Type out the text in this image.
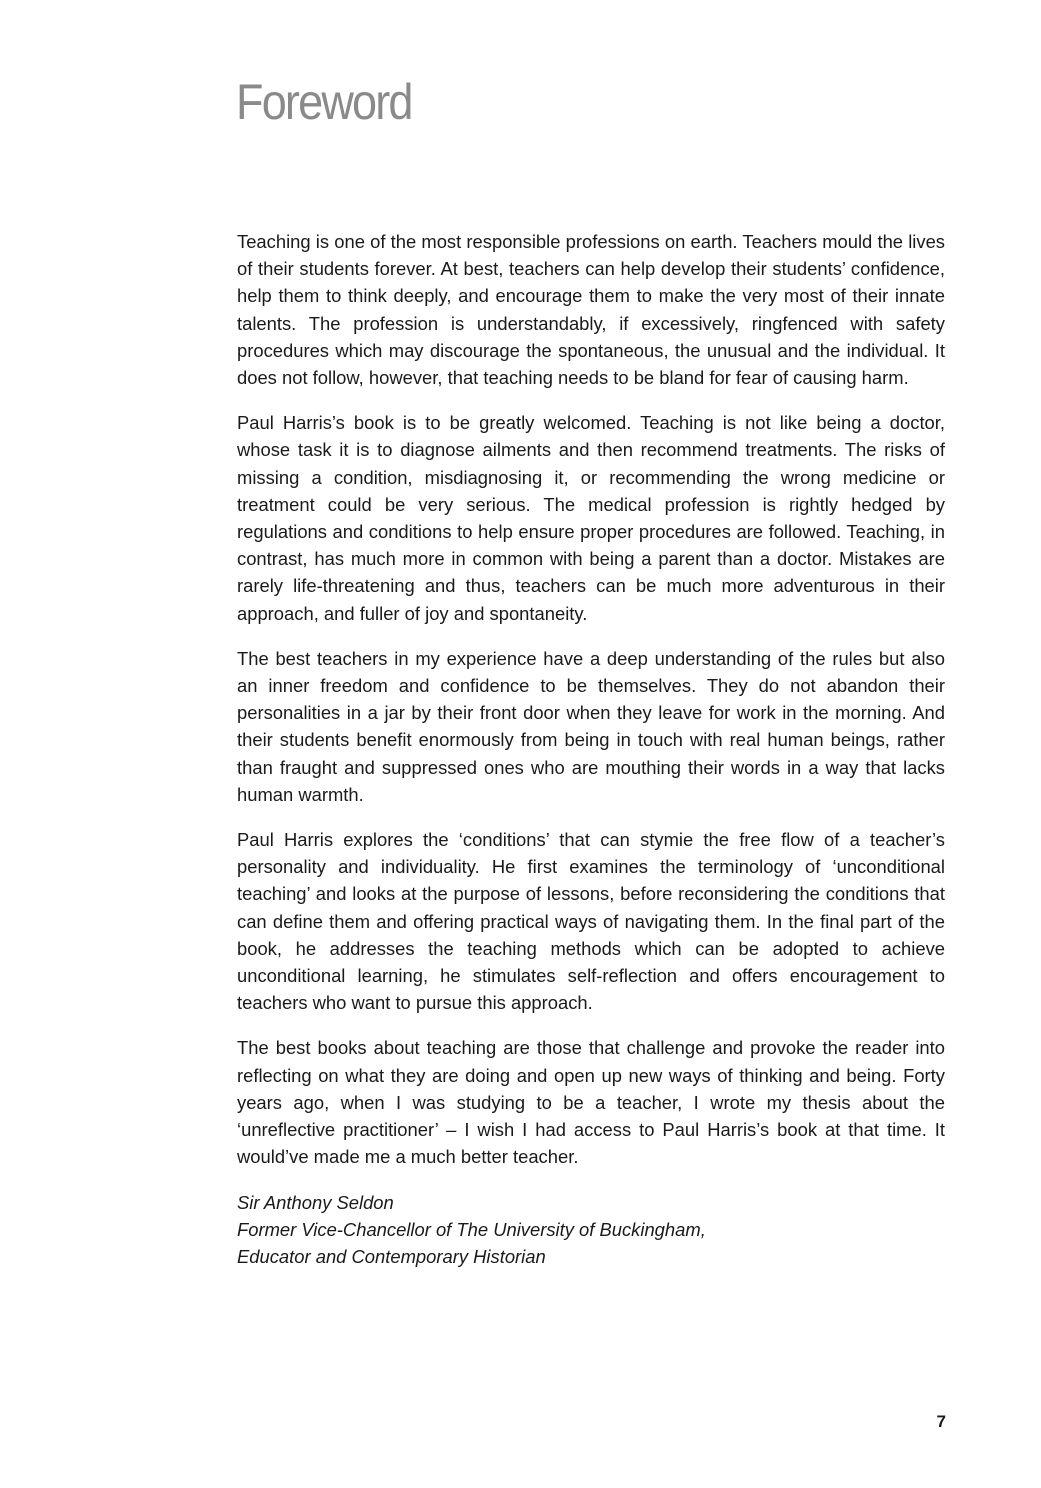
Foreword

Teaching is one of the most responsible professions on earth. Teachers mould the lives of their students forever. At best, teachers can help develop their students’ confidence, help them to think deeply, and encourage them to make the very most of their innate talents. The profession is understandably, if excessively, ringfenced with safety procedures which may discourage the spontaneous, the unusual and the individual. It does not follow, however, that teaching needs to be bland for fear of causing harm.

Paul Harris’s book is to be greatly welcomed. Teaching is not like being a doctor, whose task it is to diagnose ailments and then recommend treatments. The risks of missing a condition, misdiagnosing it, or recommending the wrong medicine or treatment could be very serious. The medical profession is rightly hedged by regulations and conditions to help ensure proper procedures are followed. Teaching, in contrast, has much more in common with being a parent than a doctor. Mistakes are rarely life-threatening and thus, teachers can be much more adventurous in their approach, and fuller of joy and spontaneity.

The best teachers in my experience have a deep understanding of the rules but also an inner freedom and confidence to be themselves. They do not abandon their personalities in a jar by their front door when they leave for work in the morning. And their students benefit enormously from being in touch with real human beings, rather than fraught and suppressed ones who are mouthing their words in a way that lacks human warmth.

Paul Harris explores the ‘conditions’ that can stymie the free flow of a teacher’s personality and individuality. He first examines the terminology of ‘unconditional teaching’ and looks at the purpose of lessons, before reconsidering the conditions that can define them and offering practical ways of navigating them. In the final part of the book, he addresses the teaching methods which can be adopted to achieve unconditional learning, he stimulates self-reflection and offers encouragement to teachers who want to pursue this approach.

The best books about teaching are those that challenge and provoke the reader into reflecting on what they are doing and open up new ways of thinking and being. Forty years ago, when I was studying to be a teacher, I wrote my thesis about the ‘unreflective practitioner’ – I wish I had access to Paul Harris’s book at that time. It would’ve made me a much better teacher.

Sir Anthony Seldon
Former Vice-Chancellor of The University of Buckingham,
Educator and Contemporary Historian
7
